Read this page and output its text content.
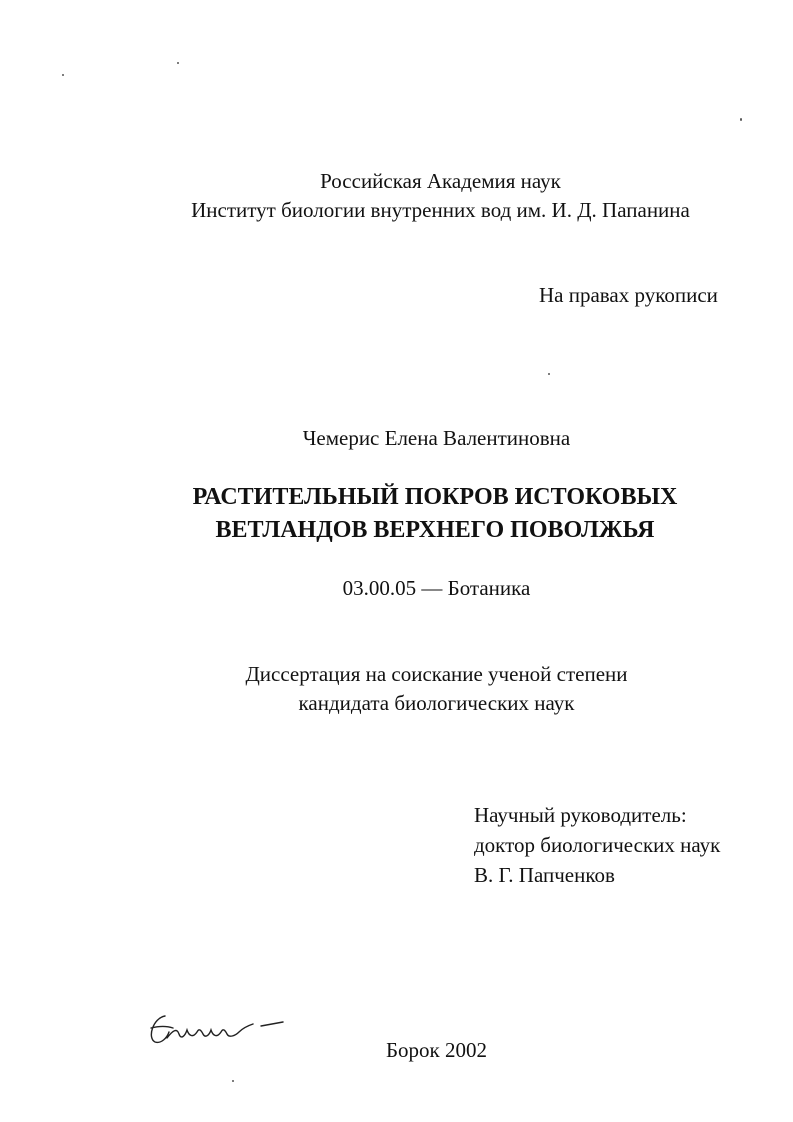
Российская Академия наук
Институт биологии внутренних вод им. И. Д. Папанина
На правах рукописи
Чемерис Елена Валентиновна
РАСТИТЕЛЬНЫЙ ПОКРОВ ИСТОКОВЫХ
ВЕТЛАНДОВ ВЕРХНЕГО ПОВОЛЖЬЯ
03.00.05 — Ботаника
Диссертация на соискание ученой степени
кандидата биологических наук
Научный руководитель:
доктор биологических наук
В. Г. Папченков
Борок 2002
